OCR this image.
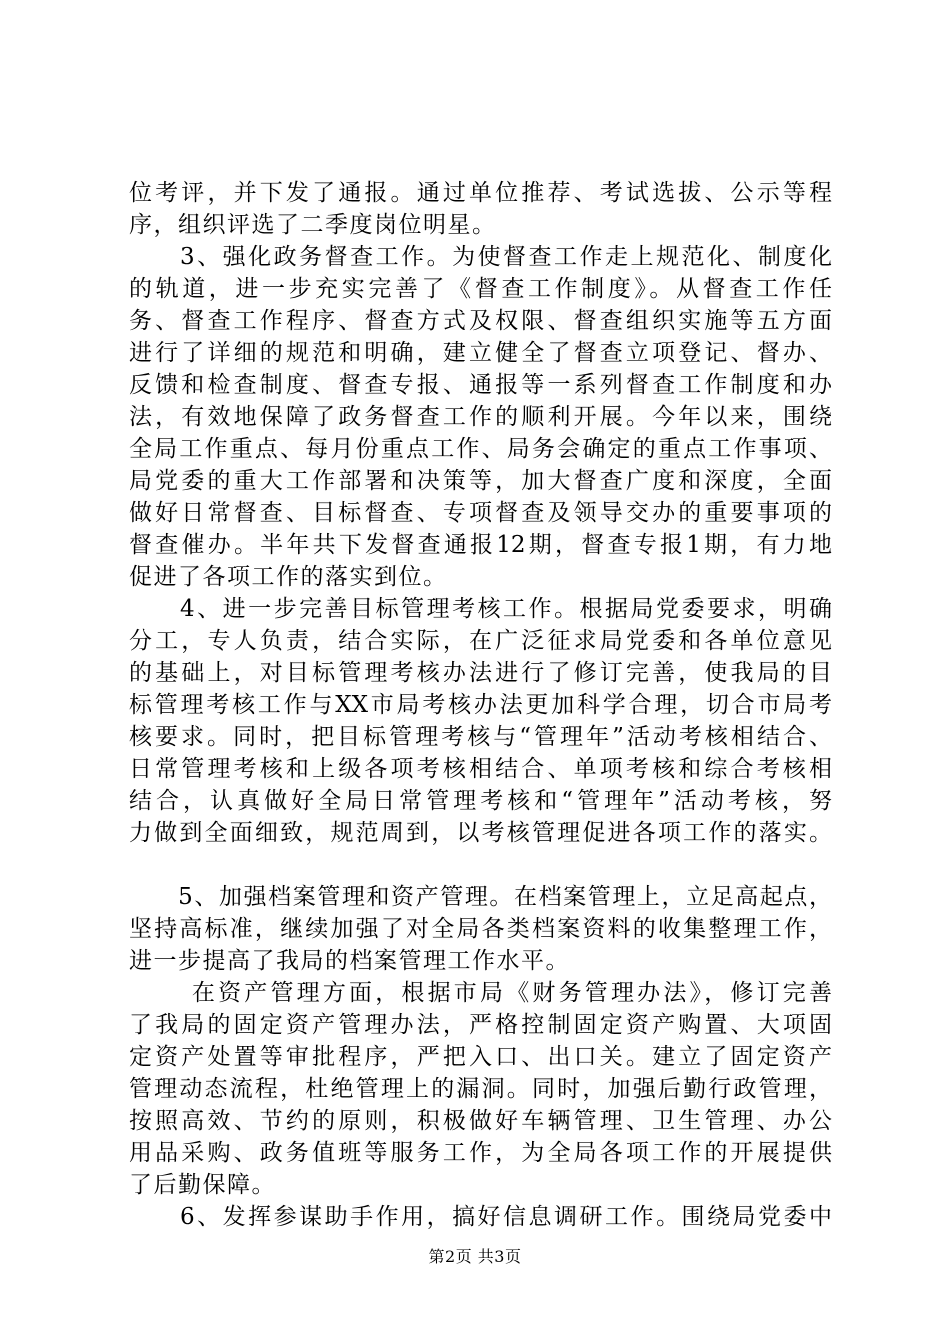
位考评，并下发了通报。通过单位推荐、考试选拔、公示等程
序，组织评选了二季度岗位明星。
　　3、强化政务督查工作。为使督查工作走上规范化、制度化
的轨道，进一步充实完善了《督查工作制度》。从督查工作任
务、督查工作程序、督查方式及权限、督查组织实施等五方面
进行了详细的规范和明确，建立健全了督查立项登记、督办、
反馈和检查制度、督查专报、通报等一系列督查工作制度和办
法，有效地保障了政务督查工作的顺利开展。今年以来，围绕
全局工作重点、每月份重点工作、局务会确定的重点工作事项、
局党委的重大工作部署和决策等，加大督查广度和深度，全面
做好日常督查、目标督查、专项督查及领导交办的重要事项的
督查催办。半年共下发督查通报12期，督查专报1期，有力地
促进了各项工作的落实到位。
　　4、进一步完善目标管理考核工作。根据局党委要求，明确
分工，专人负责，结合实际，在广泛征求局党委和各单位意见
的基础上，对目标管理考核办法进行了修订完善，使我局的目
标管理考核工作与XX市局考核办法更加科学合理，切合市局考
核要求。同时，把目标管理考核与“管理年”活动考核相结合、
日常管理考核和上级各项考核相结合、单项考核和综合考核相
结合，认真做好全局日常管理考核和“管理年”活动考核，努
力做到全面细致，规范周到，以考核管理促进各项工作的落实。
　　5、加强档案管理和资产管理。在档案管理上，立足高起点，
坚持高标准，继续加强了对全局各类档案资料的收集整理工作，
进一步提高了我局的档案管理工作水平。
　　 在资产管理方面，根据市局《财务管理办法》，修订完善
了我局的固定资产管理办法，严格控制固定资产购置、大项固
定资产处置等审批程序，严把入口、出口关。建立了固定资产
管理动态流程，杜绝管理上的漏洞。同时，加强后勤行政管理，
按照高效、节约的原则，积极做好车辆管理、卫生管理、办公
用品采购、政务值班等服务工作，为全局各项工作的开展提供
了后勤保障。
　　6、发挥参谋助手作用，搞好信息调研工作。围绕局党委中
第2页 共3页
